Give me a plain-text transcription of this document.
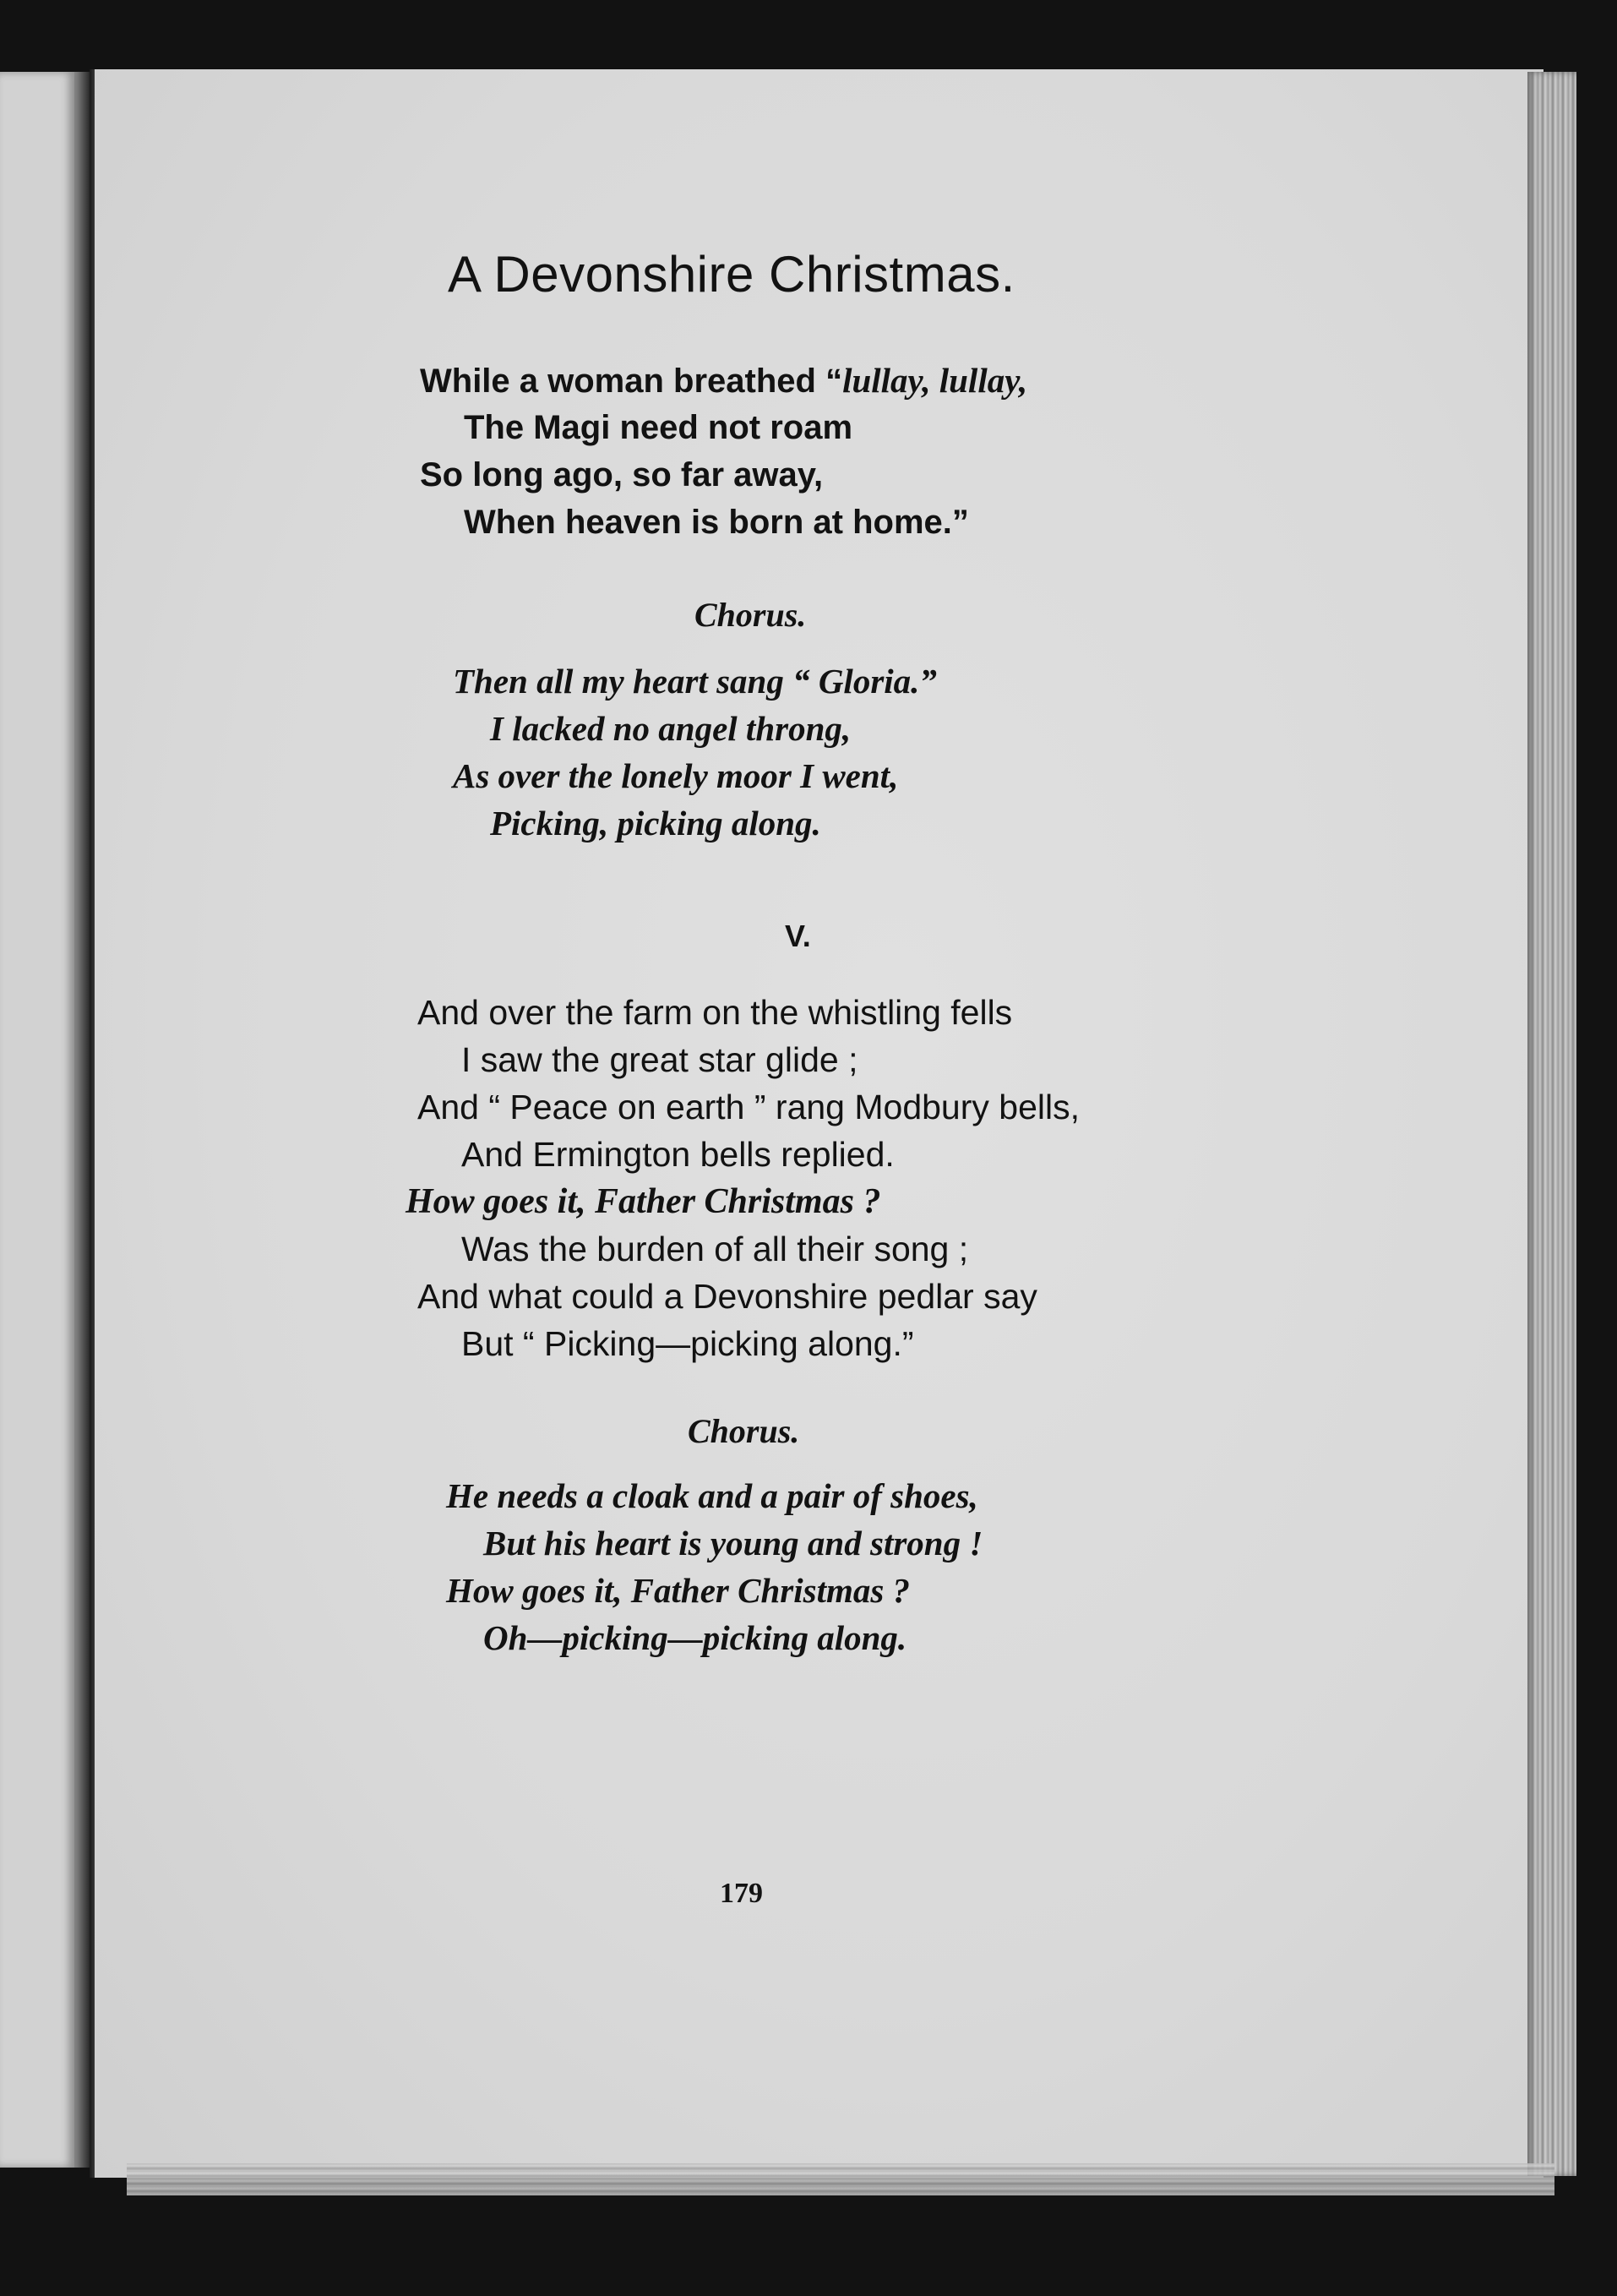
A Devonshire Christmas.
While a woman breathed “lullay, lullay,
The Magi need not roam
So long ago, so far away,
When heaven is born at home.”
Chorus.
Then all my heart sang “ Gloria.”
I lacked no angel throng,
As over the lonely moor I went,
Picking, picking along.
V.
And over the farm on the whistling fells
I saw the great star glide ;
And “ Peace on earth ” rang Modbury bells,
And Ermington bells replied.
How goes it, Father Christmas ?
Was the burden of all their song ;
And what could a Devonshire pedlar say
But “ Picking—picking along.”
Chorus.
He needs a cloak and a pair of shoes,
But his heart is young and strong !
How goes it, Father Christmas ?
Oh—picking—picking along.
179
